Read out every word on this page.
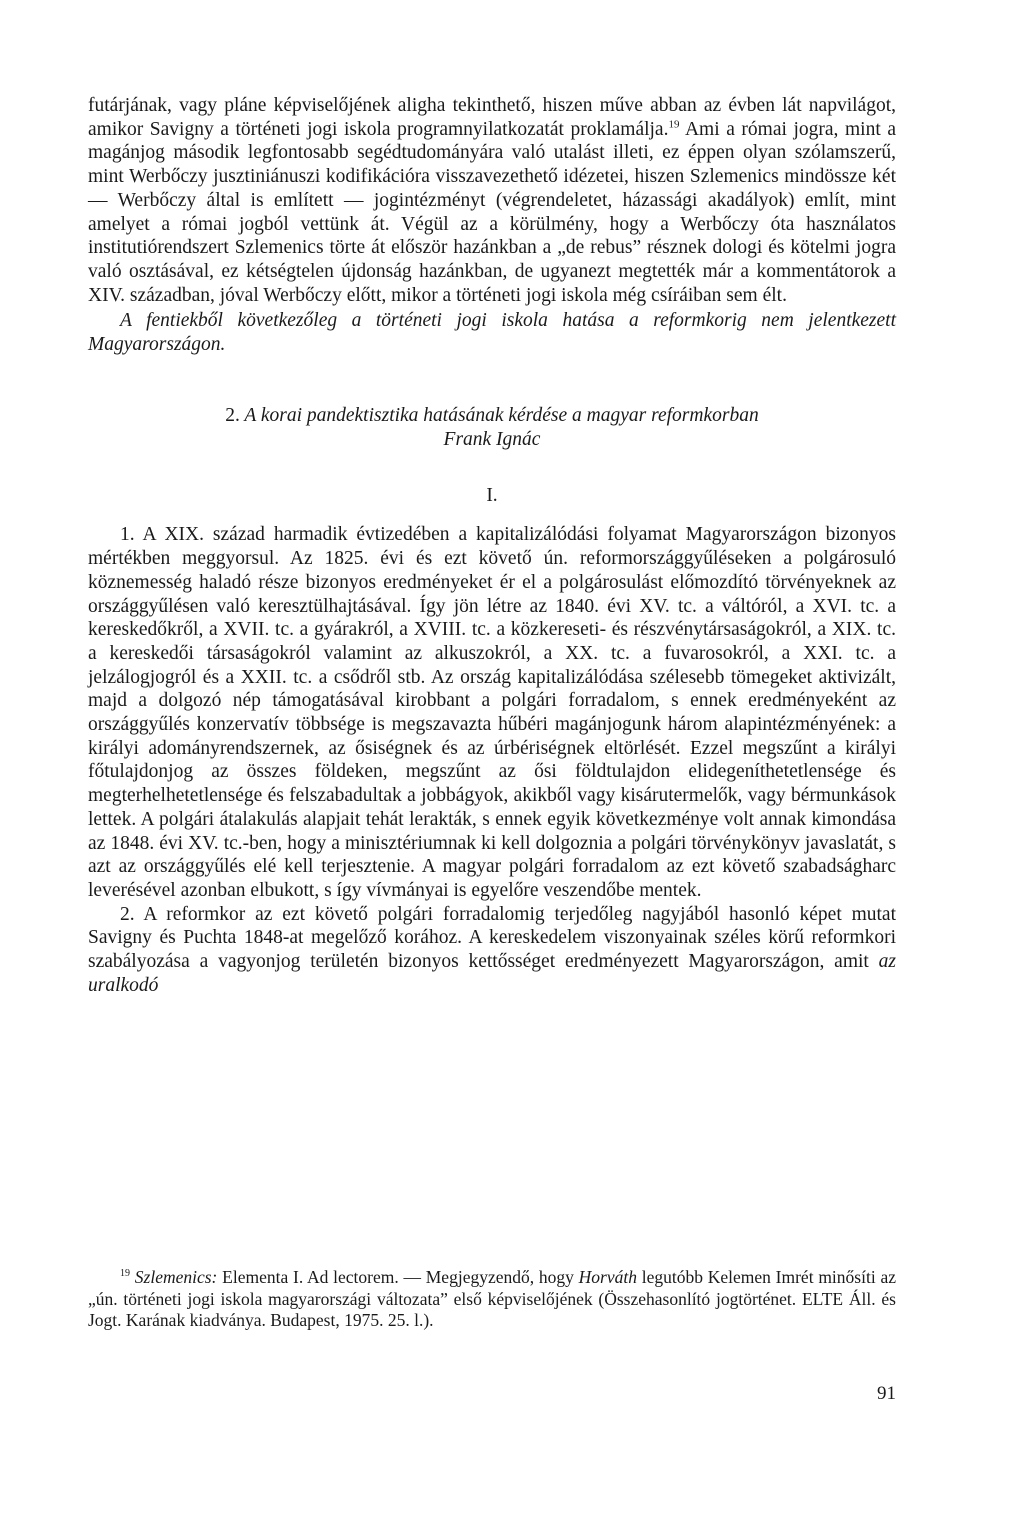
futárjának, vagy pláne képviselőjének aligha tekinthető, hiszen műve abban az évben lát napvilágot, amikor Savigny a történeti jogi iskola programnyilatkozatát proklamálja.$^{19}$ Ami a római jogra, mint a magánjog második legfontosabb segédtudományára való utalást illeti, ez éppen olyan szólamszerű, mint Werbőczy jusztiniánuszi kodifikációra visszavezethető idézetei, hiszen Szlemenics mindössze két — Werbőczy által is említett — jogintézményt (végrendeletet, házassági akadályok) említ, mint amelyet a római jogból vettünk át. Végül az a körülmény, hogy a Werbőczy óta használatos institutiórendszert Szlemenics törte át először hazánkban a „de rebus” résznek dologi és kötelmi jogra való osztásával, ez kétségtelen újdonság hazánkban, de ugyanezt megtették már a kommentátorok a XIV. században, jóval Werbőczy előtt, mikor a történeti jogi iskola még csíráiban sem élt.

A fentiekből következőleg a történeti jogi iskola hatása a reformkorig nem jelentkezett Magyarországon.

2. A korai pandektisztika hatásának kérdése a magyar reformkorban
Frank Ignác
I.

1. A XIX. század harmadik évtizedében a kapitalizálódási folyamat Magyarországon bizonyos mértékben meggyorsul. Az 1825. évi és ezt követő ún. reformországgyűléseken a polgárosuló köznemesség haladó része bizonyos eredményeket ér el a polgárosulást előmozdító törvényeknek az országgyűlésen való keresztülhajtásával. Így jön létre az 1840. évi XV. tc. a váltóról, a XVI. tc. a kereskedőkről, a XVII. tc. a gyárakról, a XVIII. tc. a közkereseti- és részvénytársaságokról, a XIX. tc. a kereskedői társaságokról valamint az alkuszokról, a XX. tc. a fuvarosokról, a XXI. tc. a jelzálogjogról és a XXII. tc. a csődről stb. Az ország kapitalizálódása szélesebb tömegeket aktivizált, majd a dolgozó nép támogatásával kirobbant a polgári forradalom, s ennek eredményeként az országgyűlés konzervatív többsége is megszavazta hűbéri magánjogunk három alapintézményének: a királyi adományrendszernek, az ősiségnek és az úrbériségnek eltörlését. Ezzel megszűnt a királyi főtulajdonjog az összes földeken, megszűnt az ősi földtulajdon elidegeníthetetlensége és megterhelhetetlensége és felszabadultak a jobbágyok, akikből vagy kisárutermelők, vagy bérmunkások lettek. A polgári átalakulás alapjait tehát lerakták, s ennek egyik következménye volt annak kimondása az 1848. évi XV. tc.-ben, hogy a minisztériumnak ki kell dolgoznia a polgári törvénykönyv javaslatát, s azt az országgyűlés elé kell terjesztenie. A magyar polgári forradalom az ezt követő szabadságharc leverésével azonban elbukott, s így vívmányai is egyelőre veszendőbe mentek.

2. A reformkor az ezt követő polgári forradalomig terjedőleg nagyjából hasonló képet mutat Savigny és Puchta 1848-at megelőző korához. A kereskedelem viszonyainak széles körű reformkori szabályozása a vagyonjog területén bizonyos kettősséget eredményezett Magyarországon, amit az uralkodó

$^{19}$ Szlemenics: Elementa I. Ad lectorem. — Megjegyzendő, hogy Horváth legutóbb Kelemen Imrét minősíti az „ún. történeti jogi iskola magyarországi változata” első képviselőjének (Összehasonlító jogtörténet. ELTE Áll. és Jogt. Karának kiadványa. Budapest, 1975. 25. l.).
91
